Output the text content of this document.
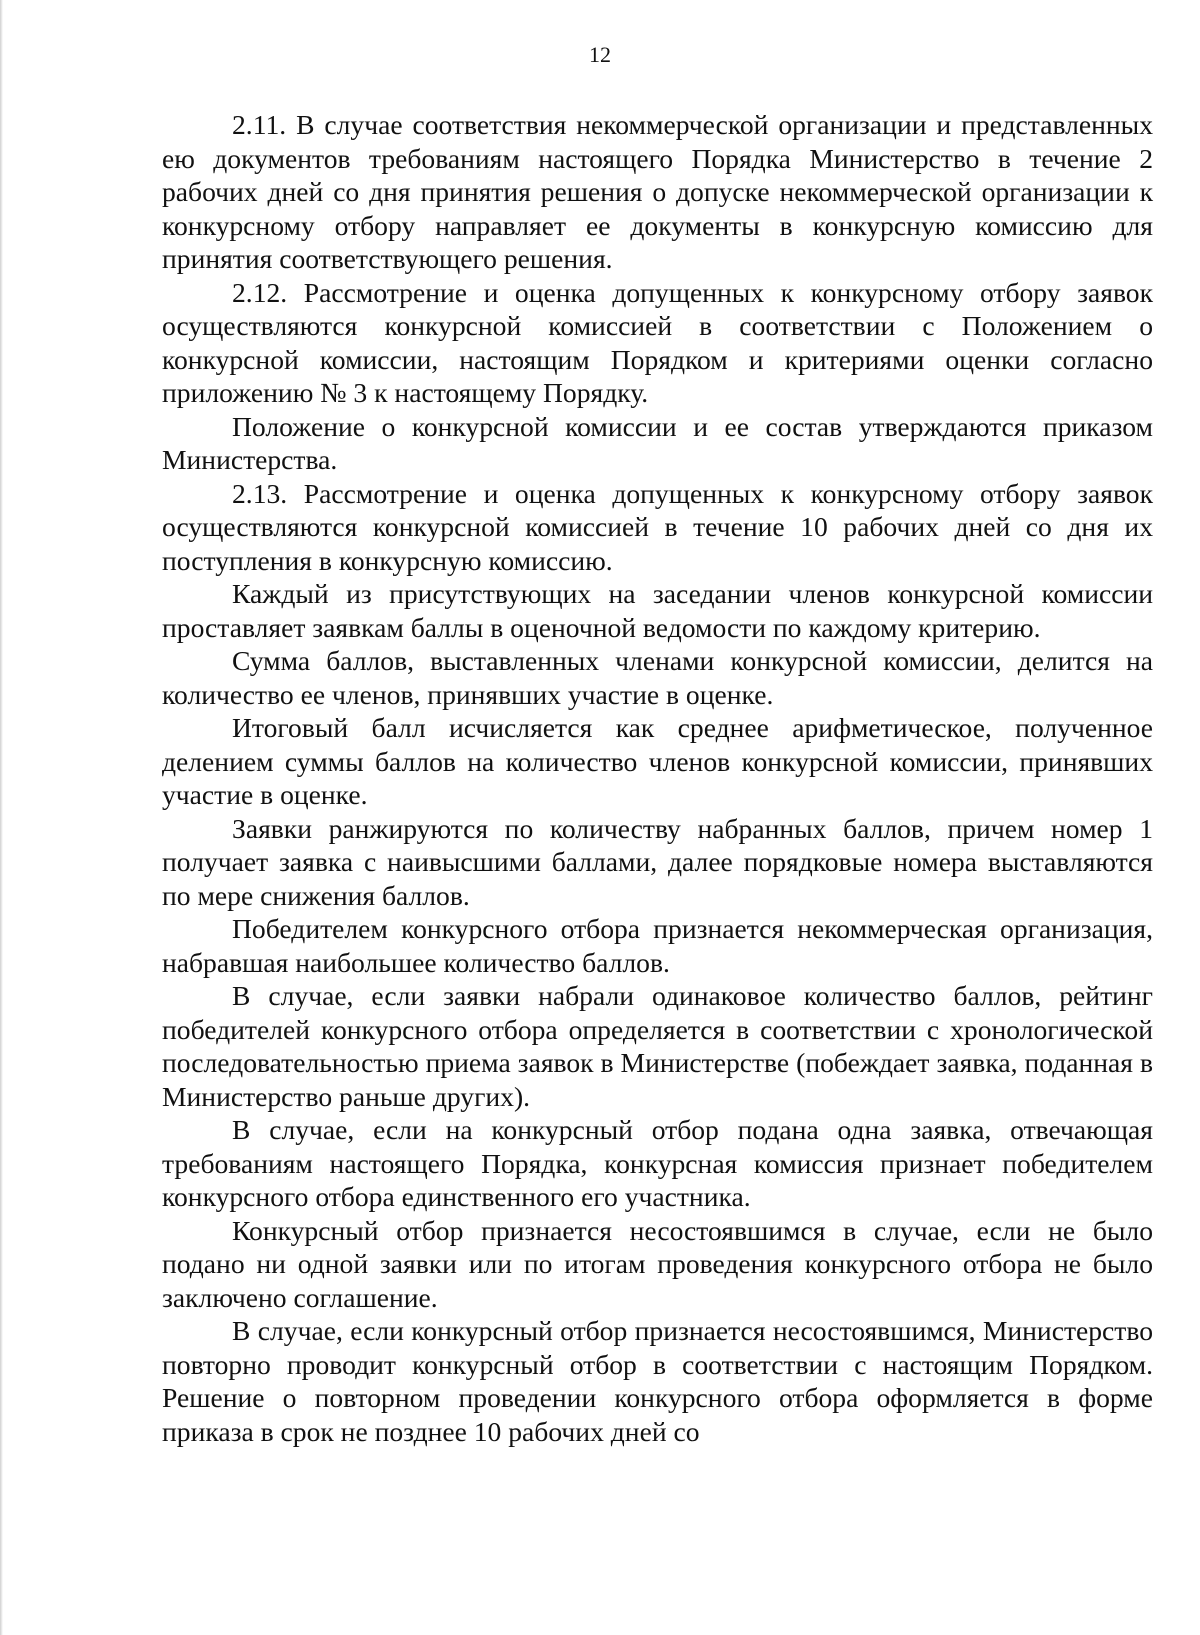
12

2.11. В случае соответствия некоммерческой организации и представленных ею документов требованиям настоящего Порядка Министерство в течение 2 рабочих дней со дня принятия решения о допуске некоммерческой организации к конкурсному отбору направляет ее документы в конкурсную комиссию для принятия соответствующего решения.

2.12. Рассмотрение и оценка допущенных к конкурсному отбору заявок осуществляются конкурсной комиссией в соответствии с Положением о конкурсной комиссии, настоящим Порядком и критериями оценки согласно приложению № 3 к настоящему Порядку.

Положение о конкурсной комиссии и ее состав утверждаются приказом Министерства.

2.13. Рассмотрение и оценка допущенных к конкурсному отбору заявок осуществляются конкурсной комиссией в течение 10 рабочих дней со дня их поступления в конкурсную комиссию.

Каждый из присутствующих на заседании членов конкурсной комиссии проставляет заявкам баллы в оценочной ведомости по каждому критерию.

Сумма баллов, выставленных членами конкурсной комиссии, делится на количество ее членов, принявших участие в оценке.

Итоговый балл исчисляется как среднее арифметическое, полученное делением суммы баллов на количество членов конкурсной комиссии, принявших участие в оценке.

Заявки ранжируются по количеству набранных баллов, причем номер 1 получает заявка с наивысшими баллами, далее порядковые номера выставляются по мере снижения баллов.

Победителем конкурсного отбора признается некоммерческая организация, набравшая наибольшее количество баллов.

В случае, если заявки набрали одинаковое количество баллов, рейтинг победителей конкурсного отбора определяется в соответствии с хронологической последовательностью приема заявок в Министерстве (побеждает заявка, поданная в Министерство раньше других).

В случае, если на конкурсный отбор подана одна заявка, отвечающая требованиям настоящего Порядка, конкурсная комиссия признает победителем конкурсного отбора единственного его участника.

Конкурсный отбор признается несостоявшимся в случае, если не было подано ни одной заявки или по итогам проведения конкурсного отбора не было заключено соглашение.

В случае, если конкурсный отбор признается несостоявшимся, Министерство повторно проводит конкурсный отбор в соответствии с настоящим Порядком. Решение о повторном проведении конкурсного отбора оформляется в форме приказа в срок не позднее 10 рабочих дней со
